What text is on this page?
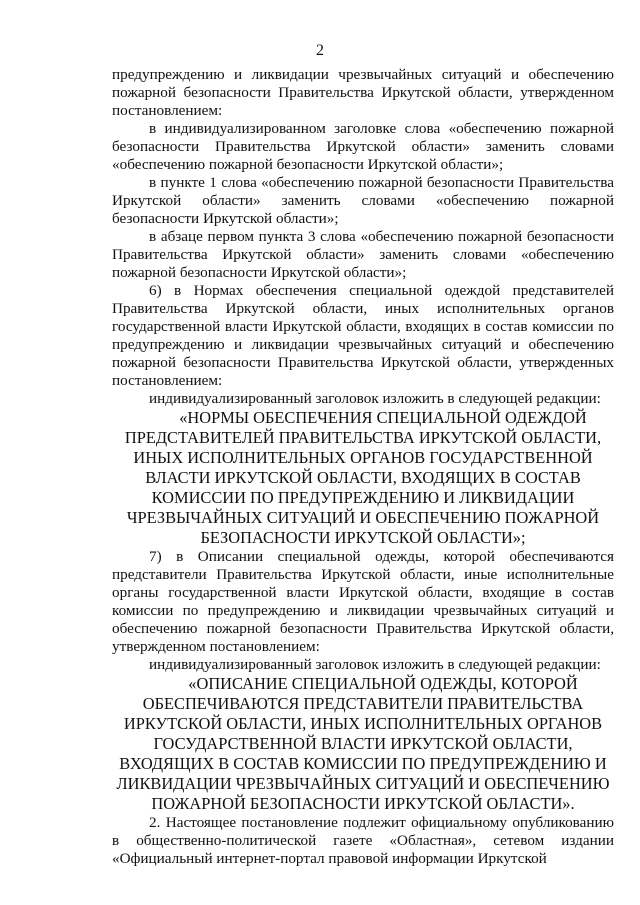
2

предупреждению и ликвидации чрезвычайных ситуаций и обеспечению пожарной безопасности Правительства Иркутской области, утвержденном постановлением:

в индивидуализированном заголовке слова «обеспечению пожарной безопасности Правительства Иркутской области» заменить словами «обеспечению пожарной безопасности Иркутской области»;

в пункте 1 слова «обеспечению пожарной безопасности Правительства Иркутской области» заменить словами «обеспечению пожарной безопасности Иркутской области»;

в абзаце первом пункта 3 слова «обеспечению пожарной безопасности Правительства Иркутской области» заменить словами «обеспечению пожарной безопасности Иркутской области»;

6) в Нормах обеспечения специальной одеждой представителей Правительства Иркутской области, иных исполнительных органов государственной власти Иркутской области, входящих в состав комиссии по предупреждению и ликвидации чрезвычайных ситуаций и обеспечению пожарной безопасности Правительства Иркутской области, утвержденных постановлением:

индивидуализированный заголовок изложить в следующей редакции:

«НОРМЫ ОБЕСПЕЧЕНИЯ СПЕЦИАЛЬНОЙ ОДЕЖДОЙ ПРЕДСТАВИТЕЛЕЙ ПРАВИТЕЛЬСТВА ИРКУТСКОЙ ОБЛАСТИ, ИНЫХ ИСПОЛНИТЕЛЬНЫХ ОРГАНОВ ГОСУДАРСТВЕННОЙ ВЛАСТИ ИРКУТСКОЙ ОБЛАСТИ, ВХОДЯЩИХ В СОСТАВ КОМИССИИ ПО ПРЕДУПРЕЖДЕНИЮ И ЛИКВИДАЦИИ ЧРЕЗВЫЧАЙНЫХ СИТУАЦИЙ И ОБЕСПЕЧЕНИЮ ПОЖАРНОЙ БЕЗОПАСНОСТИ ИРКУТСКОЙ ОБЛАСТИ»;

7) в Описании специальной одежды, которой обеспечиваются представители Правительства Иркутской области, иные исполнительные органы государственной власти Иркутской области, входящие в состав комиссии по предупреждению и ликвидации чрезвычайных ситуаций и обеспечению пожарной безопасности Правительства Иркутской области, утвержденном постановлением:

индивидуализированный заголовок изложить в следующей редакции:

«ОПИСАНИЕ СПЕЦИАЛЬНОЙ ОДЕЖДЫ, КОТОРОЙ ОБЕСПЕЧИВАЮТСЯ ПРЕДСТАВИТЕЛИ ПРАВИТЕЛЬСТВА ИРКУТСКОЙ ОБЛАСТИ, ИНЫХ ИСПОЛНИТЕЛЬНЫХ ОРГАНОВ ГОСУДАРСТВЕННОЙ ВЛАСТИ ИРКУТСКОЙ ОБЛАСТИ, ВХОДЯЩИХ В СОСТАВ КОМИССИИ ПО ПРЕДУПРЕЖДЕНИЮ И ЛИКВИДАЦИИ ЧРЕЗВЫЧАЙНЫХ СИТУАЦИЙ И ОБЕСПЕЧЕНИЮ ПОЖАРНОЙ БЕЗОПАСНОСТИ ИРКУТСКОЙ ОБЛАСТИ».

2. Настоящее постановление подлежит официальному опубликованию в общественно-политической газете «Областная», сетевом издании «Официальный интернет-портал правовой информации Иркутской
